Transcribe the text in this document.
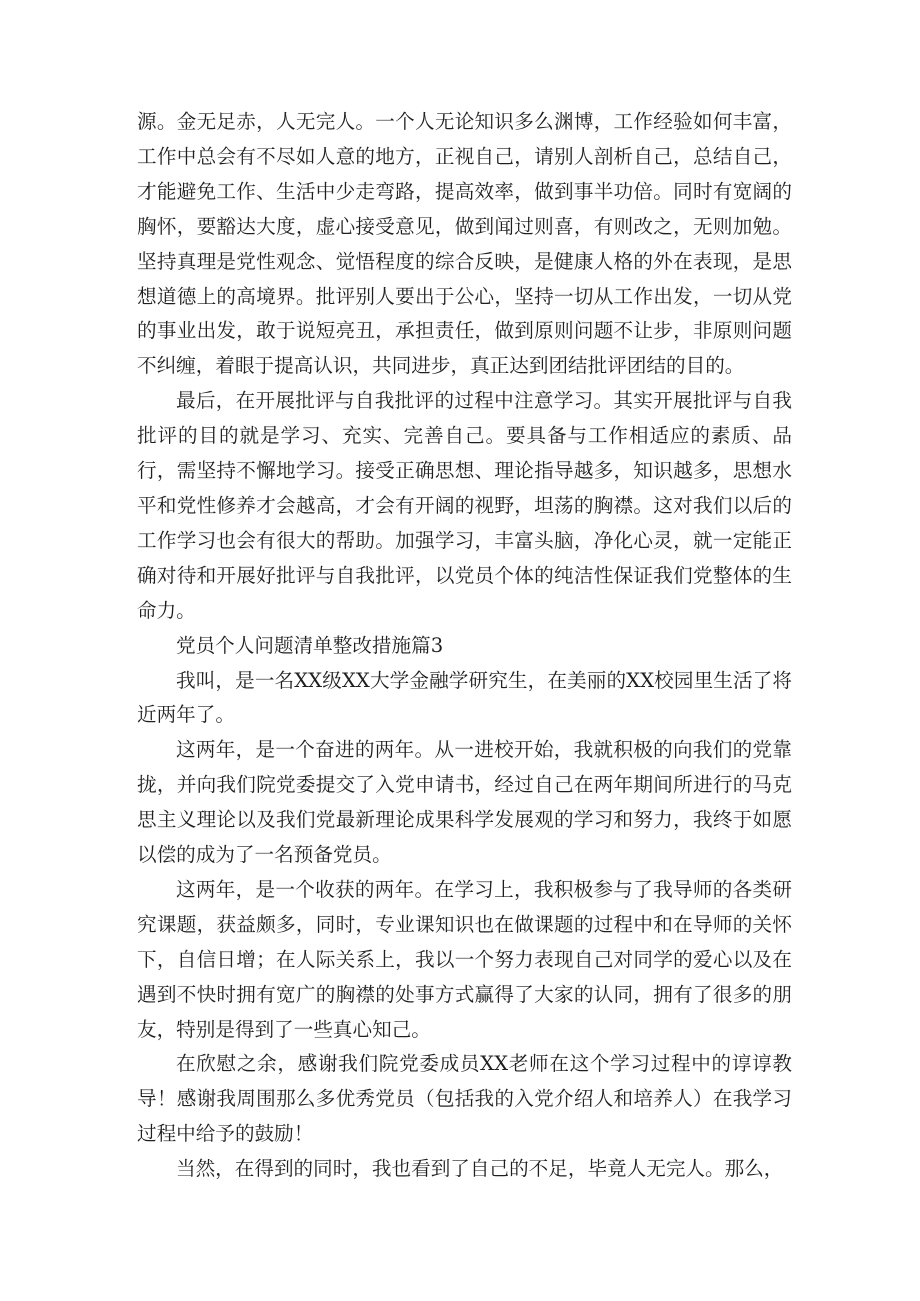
源。金无足赤，人无完人。一个人无论知识多么渊博，工作经验如何丰富，工作中总会有不尽如人意的地方，正视自己，请别人剖析自己，总结自己，才能避免工作、生活中少走弯路，提高效率，做到事半功倍。同时有宽阔的胸怀，要豁达大度，虚心接受意见，做到闻过则喜，有则改之，无则加勉。坚持真理是党性观念、觉悟程度的综合反映，是健康人格的外在表现，是思想道德上的高境界。批评别人要出于公心，坚持一切从工作出发，一切从党的事业出发，敢于说短亮丑，承担责任，做到原则问题不让步，非原则问题不纠缠，着眼于提高认识，共同进步，真正达到团结批评团结的目的。

最后，在开展批评与自我批评的过程中注意学习。其实开展批评与自我批评的目的就是学习、充实、完善自己。要具备与工作相适应的素质、品行，需坚持不懈地学习。接受正确思想、理论指导越多，知识越多，思想水平和党性修养才会越高，才会有开阔的视野，坦荡的胸襟。这对我们以后的工作学习也会有很大的帮助。加强学习，丰富头脑，净化心灵，就一定能正确对待和开展好批评与自我批评，以党员个体的纯洁性保证我们党整体的生命力。

党员个人问题清单整改措施篇3

我叫，是一名XX级XX大学金融学研究生，在美丽的XX校园里生活了将近两年了。

这两年，是一个奋进的两年。从一进校开始，我就积极的向我们的党靠拢，并向我们院党委提交了入党申请书，经过自己在两年期间所进行的马克思主义理论以及我们党最新理论成果科学发展观的学习和努力，我终于如愿以偿的成为了一名预备党员。

这两年，是一个收获的两年。在学习上，我积极参与了我导师的各类研究课题，获益颇多，同时，专业课知识也在做课题的过程中和在导师的关怀下，自信日增；在人际关系上，我以一个努力表现自己对同学的爱心以及在遇到不快时拥有宽广的胸襟的处事方式赢得了大家的认同，拥有了很多的朋友，特别是得到了一些真心知己。

在欣慰之余，感谢我们院党委成员XX老师在这个学习过程中的谆谆教导！感谢我周围那么多优秀党员（包括我的入党介绍人和培养人）在我学习过程中给予的鼓励！

当然，在得到的同时，我也看到了自己的不足，毕竟人无完人。那么，
